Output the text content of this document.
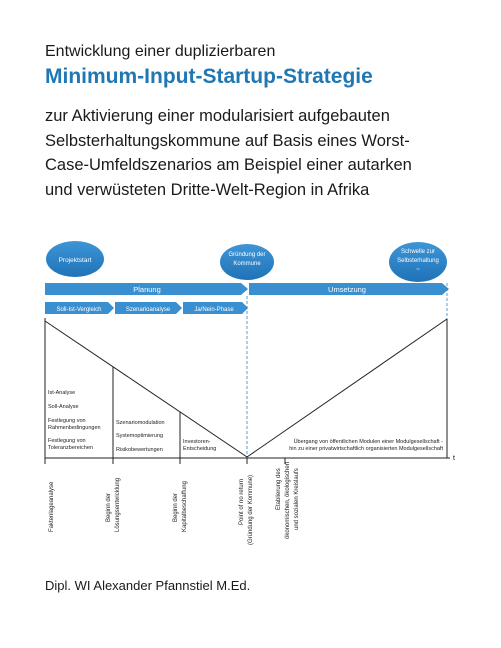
Entwicklung einer duplizierbaren
Minimum-Input-Startup-Strategie
zur Aktivierung einer modularisiert aufgebauten
Selbsterhaltungskommune auf Basis eines Worst-
Case-Umfeldszenarios am Beispiel einer autarken
und verwüsteten Dritte-Welt-Region in Afrika
Projektstart
Gründung der
Kommune
Schwelle zur
Selbsterhaltung
~
Planung	Umsetzung
Soll-Ist-Vergleich	Szenarioanalyse	Ja/Nein-Phase
t
Ist-Analyse
Soll-Analyse
Festlegung von
Rahmenbedingungen
Festlegung von
Toleranzbereichen
Szenariomodulation
Systemoptimierung
Risikobewertungen
Investoren-
Entscheidung
Übergang von öffentlichen Modulen einer Modulgesellschaft -
hin zu einer privatwirtschaftlich organisierten Modulgesellschaft
Faktenlageanalyse	Beginn der Lösungsentwicklung	Beginn der Kapitalbeschaffung	Point of no return (Gründung der Kommune)	Etablierung des ökonomischen, ökologischen und sozialen Kreislaufs
Dipl. WI Alexander Pfannstiel M.Ed.
